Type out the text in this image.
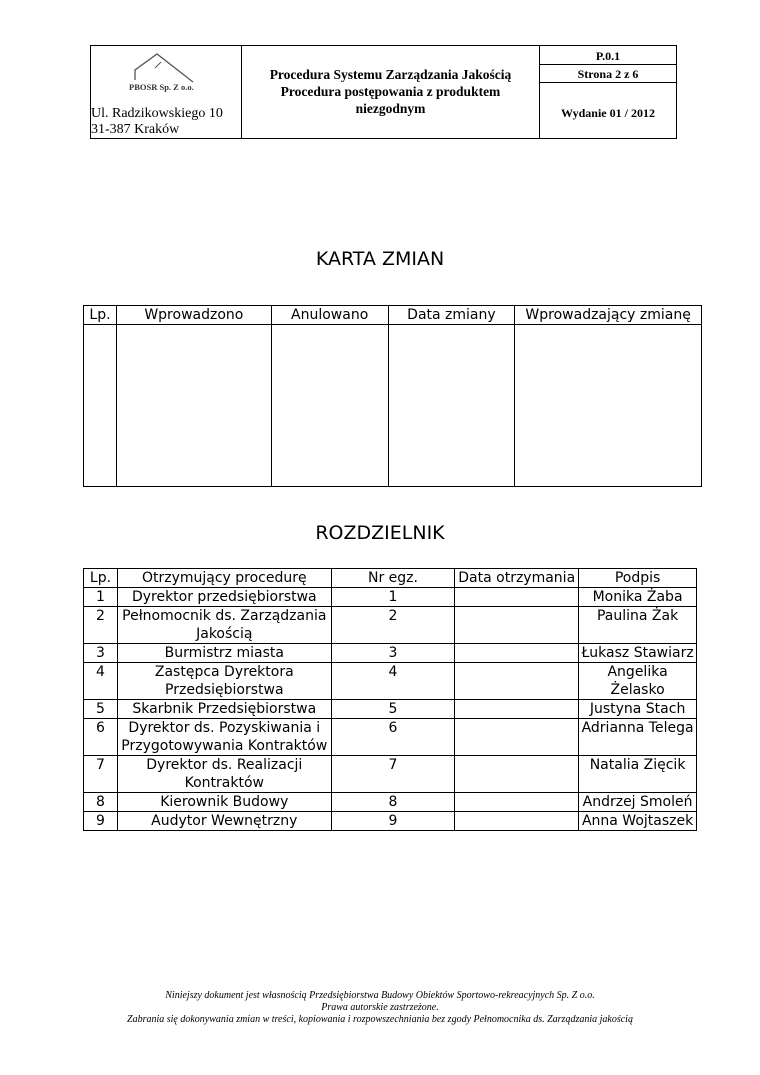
PBOSR Sp. Z o.o.
Ul. Radzikowskiego 10
31-387 Kraków
Procedura Systemu Zarządzania Jakością
Procedura postępowania z produktem
niezgodnym
P.0.1
Strona 2 z 6
Wydanie 01 / 2012
KARTA ZMIAN
Lp.	Wprowadzono	Anulowano	Data zmiany	Wprowadzający zmianę

ROZDZIELNIK
Lp.	Otrzymujący procedurę	Nr egz.	Data otrzymania	Podpis
1	Dyrektor przedsiębiorstwa	1		Monika Żaba
2	Pełnomocnik ds. Zarządzania Jakością	2		Paulina Żak
3	Burmistrz miasta	3		Łukasz Stawiarz
4	Zastępca Dyrektora Przedsiębiorstwa	4		Angelika Żelasko
5	Skarbnik Przedsiębiorstwa	5		Justyna Stach
6	Dyrektor ds. Pozyskiwania i Przygotowywania Kontraktów	6		Adrianna Telega
7	Dyrektor ds. Realizacji Kontraktów	7		Natalia Zięcik
8	Kierownik Budowy	8		Andrzej Smoleń
9	Audytor Wewnętrzny	9		Anna Wojtaszek
Niniejszy dokument jest własnością Przedsiębiorstwa Budowy Obiektów Sportowo-rekreacyjnych Sp. Z o.o.
Prawa autorskie zastrzeżone.
Zabrania się dokonywania zmian w treści, kopiowania i rozpowszechniania bez zgody Pełnomocnika ds. Zarządzania jakością
